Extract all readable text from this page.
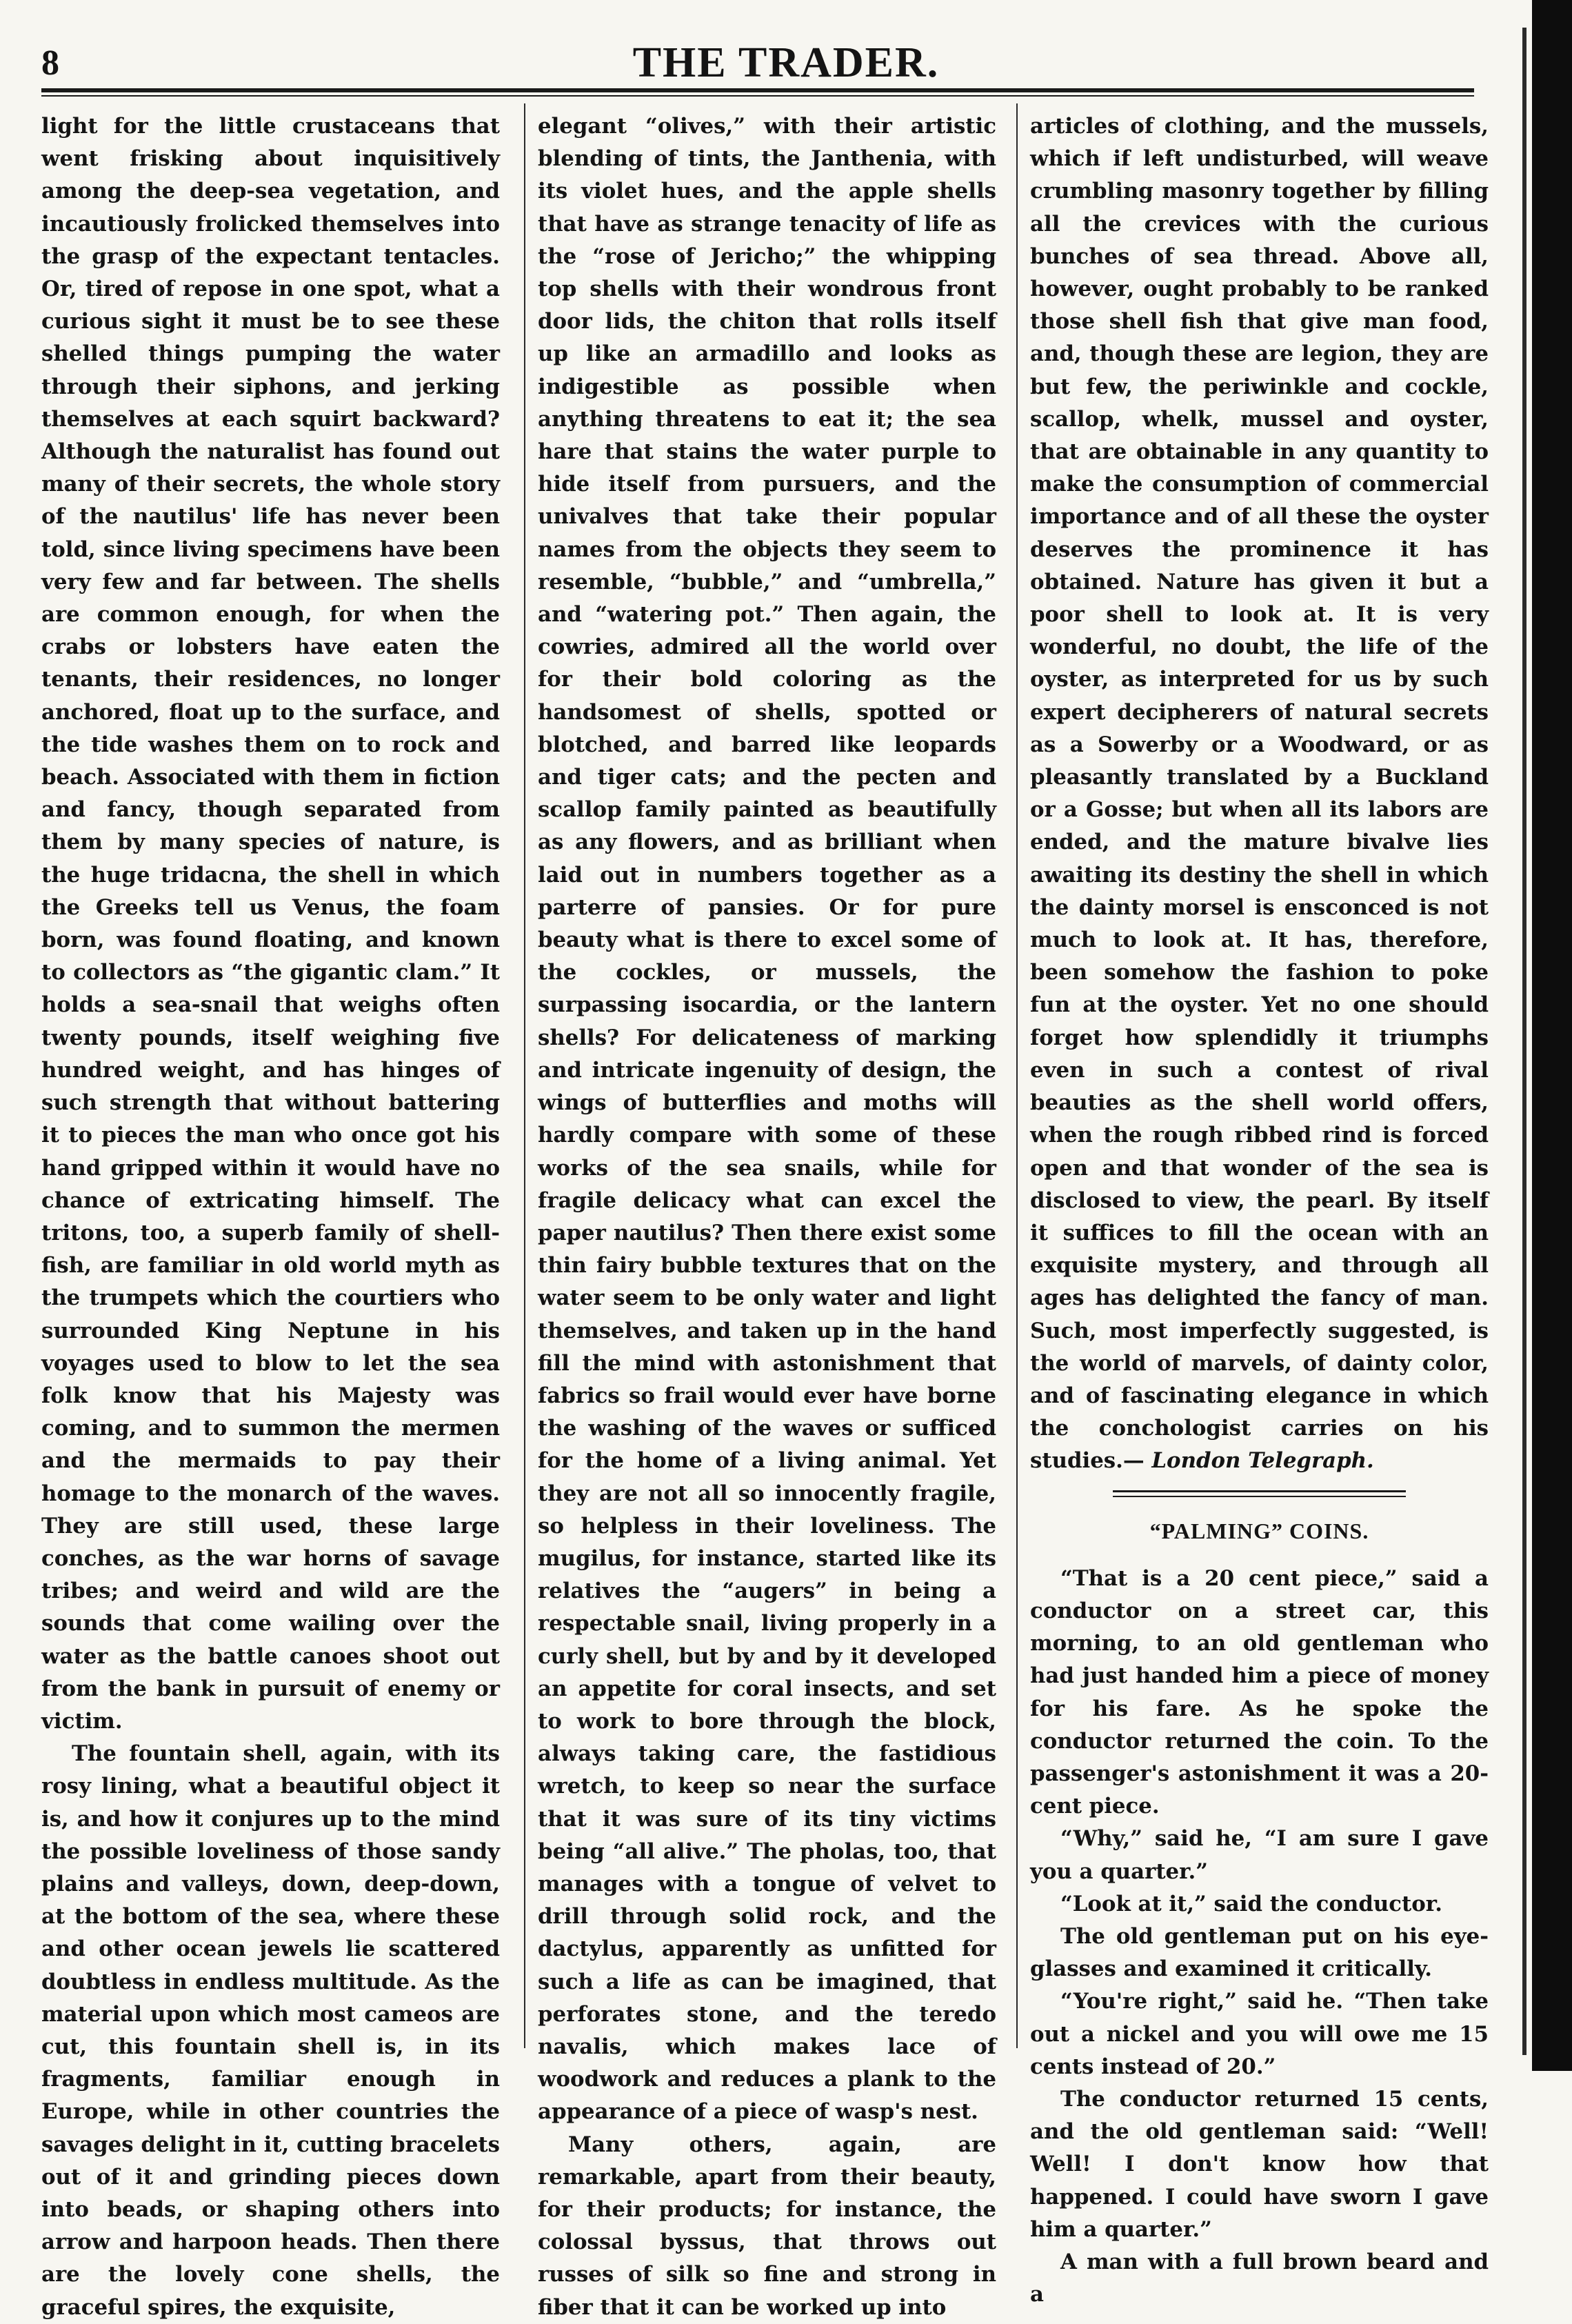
8	THE TRADER.

light for the little crustaceans that went frisking about inquisitively among the deep-sea vegetation, and incautiously frolicked themselves into the grasp of the expectant tentacles. Or, tired of repose in one spot, what a curious sight it must be to see these shelled things pumping the water through their siphons, and jerking themselves at each squirt backward? Although the naturalist has found out many of their secrets, the whole story of the nautilus' life has never been told, since living specimens have been very few and far between. The shells are common enough, for when the crabs or lobsters have eaten the tenants, their residences, no longer anchored, float up to the surface, and the tide washes them on to rock and beach. Associated with them in fiction and fancy, though separated from them by many species of nature, is the huge tridacna, the shell in which the Greeks tell us Venus, the foam born, was found floating, and known to collectors as “the gigantic clam.” It holds a sea-snail that weighs often twenty pounds, itself weighing five hundred weight, and has hinges of such strength that without battering it to pieces the man who once got his hand gripped within it would have no chance of extricating himself. The tritons, too, a superb family of shell-fish, are familiar in old world myth as the trumpets which the courtiers who surrounded King Neptune in his voyages used to blow to let the sea folk know that his Majesty was coming, and to summon the mermen and the mermaids to pay their homage to the monarch of the waves. They are still used, these large conches, as the war horns of savage tribes; and weird and wild are the sounds that come wailing over the water as the battle canoes shoot out from the bank in pursuit of enemy or victim.

The fountain shell, again, with its rosy lining, what a beautiful object it is, and how it conjures up to the mind the possible loveliness of those sandy plains and valleys, down, deep-down, at the bottom of the sea, where these and other ocean jewels lie scattered doubtless in endless multitude. As the material upon which most cameos are cut, this fountain shell is, in its fragments, familiar enough in Europe, while in other countries the savages delight in it, cutting bracelets out of it and grinding pieces down into beads, or shaping others into arrow and harpoon heads. Then there are the lovely cone shells, the graceful spires, the exquisite,

elegant “olives,” with their artistic blending of tints, the Janthenia, with its violet hues, and the apple shells that have as strange tenacity of life as the “rose of Jericho;” the whipping top shells with their wondrous front door lids, the chiton that rolls itself up like an armadillo and looks as indigestible as possible when anything threatens to eat it; the sea hare that stains the water purple to hide itself from pursuers, and the univalves that take their popular names from the objects they seem to resemble, “bubble,” and “umbrella,” and “watering pot.” Then again, the cowries, admired all the world over for their bold coloring as the handsomest of shells, spotted or blotched, and barred like leopards and tiger cats; and the pecten and scallop family painted as beautifully as any flowers, and as brilliant when laid out in numbers together as a parterre of pansies. Or for pure beauty what is there to excel some of the cockles, or mussels, the surpassing isocardia, or the lantern shells? For delicateness of marking and intricate ingenuity of design, the wings of butterflies and moths will hardly compare with some of these works of the sea snails, while for fragile delicacy what can excel the paper nautilus? Then there exist some thin fairy bubble textures that on the water seem to be only water and light themselves, and taken up in the hand fill the mind with astonishment that fabrics so frail would ever have borne the washing of the waves or sufficed for the home of a living animal. Yet they are not all so innocently fragile, so helpless in their loveliness. The mugilus, for instance, started like its relatives the “augers” in being a respectable snail, living properly in a curly shell, but by and by it developed an appetite for coral insects, and set to work to bore through the block, always taking care, the fastidious wretch, to keep so near the surface that it was sure of its tiny victims being “all alive.” The pholas, too, that manages with a tongue of velvet to drill through solid rock, and the dactylus, apparently as unfitted for such a life as can be imagined, that perforates stone, and the teredo navalis, which makes lace of woodwork and reduces a plank to the appearance of a piece of wasp's nest.

Many others, again, are remarkable, apart from their beauty, for their products; for instance, the colossal byssus, that throws out russes of silk so fine and strong in fiber that it can be worked up into

articles of clothing, and the mussels, which if left undisturbed, will weave crumbling masonry together by filling all the crevices with the curious bunches of sea thread. Above all, however, ought probably to be ranked those shell fish that give man food, and, though these are legion, they are but few, the periwinkle and cockle, scallop, whelk, mussel and oyster, that are obtainable in any quantity to make the consumption of commercial importance and of all these the oyster deserves the prominence it has obtained. Nature has given it but a poor shell to look at. It is very wonderful, no doubt, the life of the oyster, as interpreted for us by such expert decipherers of natural secrets as a Sowerby or a Woodward, or as pleasantly translated by a Buckland or a Gosse; but when all its labors are ended, and the mature bivalve lies awaiting its destiny the shell in which the dainty morsel is ensconced is not much to look at. It has, therefore, been somehow the fashion to poke fun at the oyster. Yet no one should forget how splendidly it triumphs even in such a contest of rival beauties as the shell world offers, when the rough ribbed rind is forced open and that wonder of the sea is disclosed to view, the pearl. By itself it suffices to fill the ocean with an exquisite mystery, and through all ages has delighted the fancy of man. Such, most imperfectly suggested, is the world of marvels, of dainty color, and of fascinating elegance in which the conchologist carries on his studies.— London Telegraph.

“PALMING” COINS.

“That is a 20 cent piece,” said a conductor on a street car, this morning, to an old gentleman who had just handed him a piece of money for his fare. As he spoke the conductor returned the coin. To the passenger's astonishment it was a 20-cent piece.

“Why,” said he, “I am sure I gave you a quarter.”

“Look at it,” said the conductor.

The old gentleman put on his eye-glasses and examined it critically.

“You're right,” said he. “Then take out a nickel and you will owe me 15 cents instead of 20.”

The conductor returned 15 cents, and the old gentleman said: “Well! Well! I don't know how that happened. I could have sworn I gave him a quarter.”

A man with a full brown beard and a
